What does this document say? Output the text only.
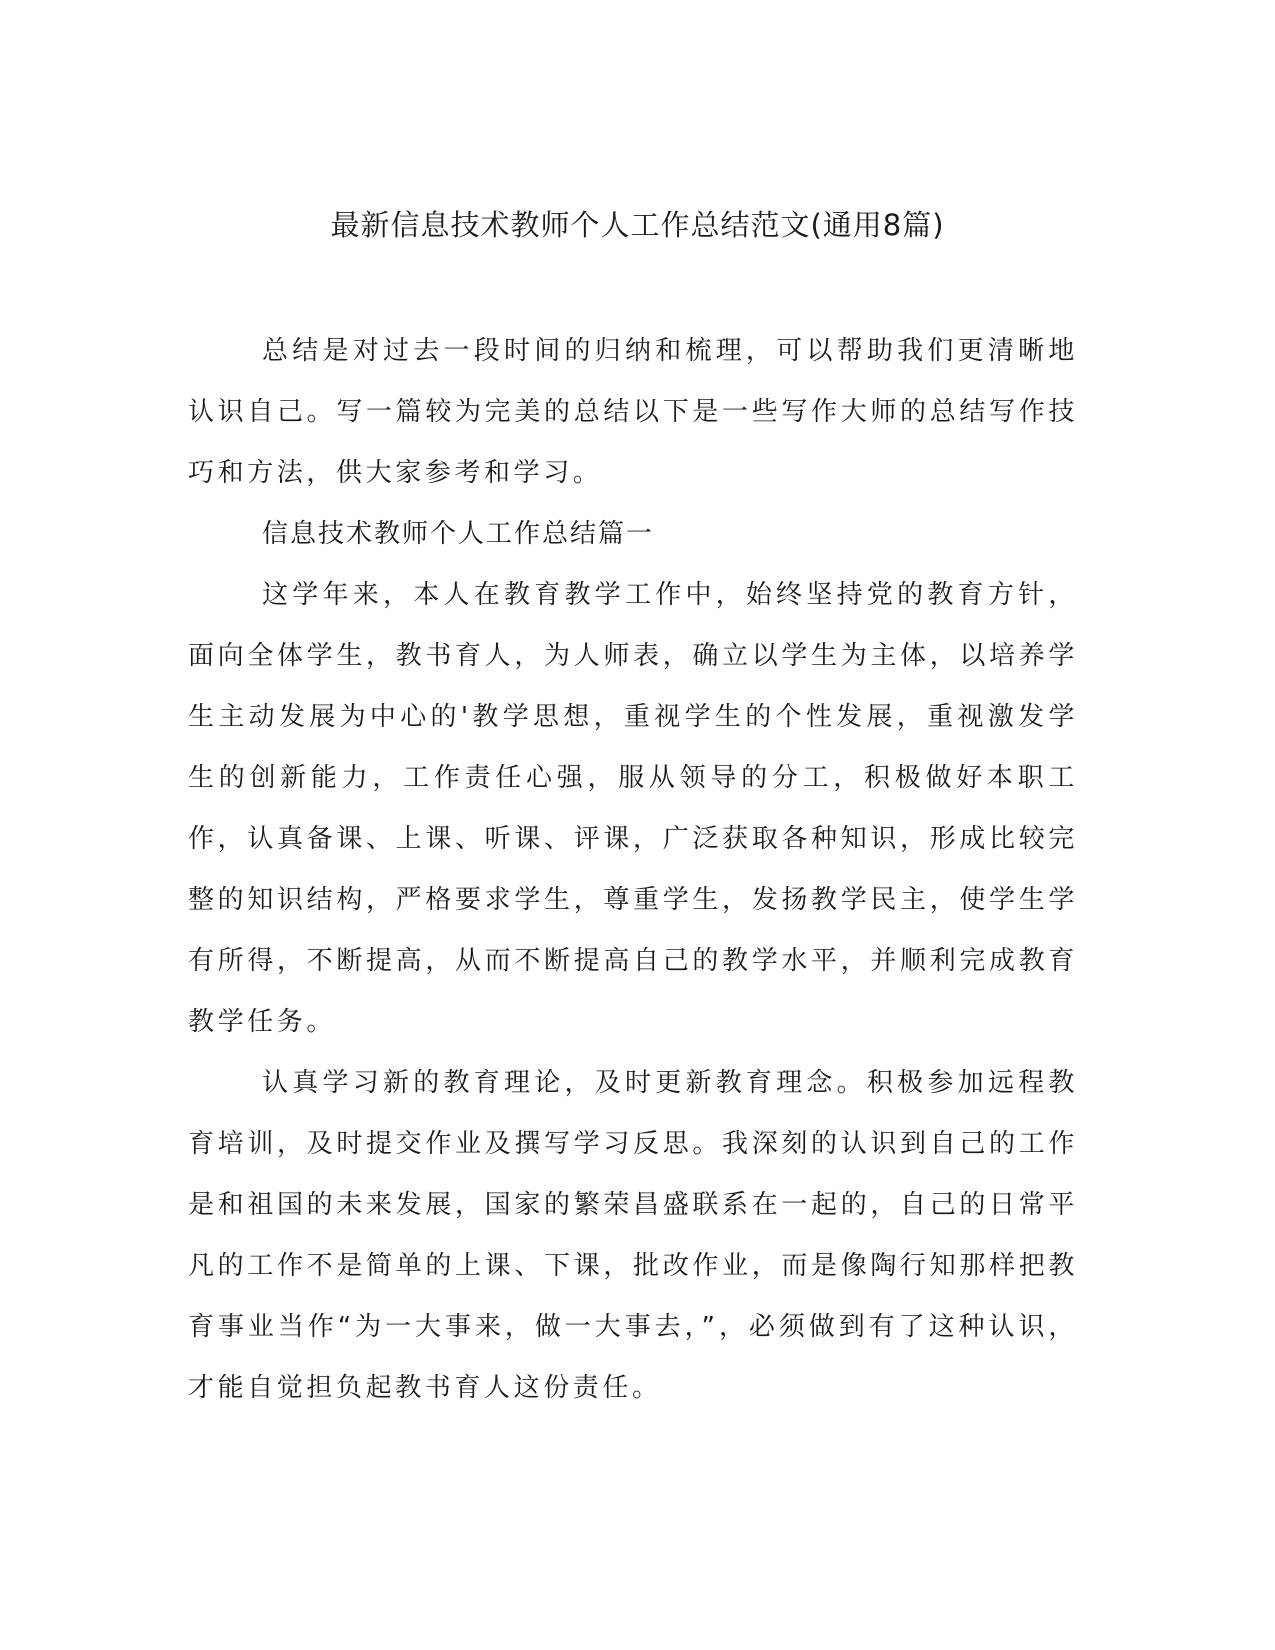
最新信息技术教师个人工作总结范文(通用8篇)

总结是对过去一段时间的归纳和梳理，可以帮助我们更清晰地认识自己。写一篇较为完美的总结以下是一些写作大师的总结写作技巧和方法，供大家参考和学习。

信息技术教师个人工作总结篇一

这学年来，本人在教育教学工作中，始终坚持党的教育方针，面向全体学生，教书育人，为人师表，确立以学生为主体，以培养学生主动发展为中心的'教学思想，重视学生的个性发展，重视激发学生的创新能力，工作责任心强，服从领导的分工，积极做好本职工作，认真备课、上课、听课、评课，广泛获取各种知识，形成比较完整的知识结构，严格要求学生，尊重学生，发扬教学民主，使学生学有所得，不断提高，从而不断提高自己的教学水平，并顺利完成教育教学任务。

认真学习新的教育理论，及时更新教育理念。积极参加远程教育培训，及时提交作业及撰写学习反思。我深刻的认识到自己的工作是和祖国的未来发展，国家的繁荣昌盛联系在一起的，自己的日常平凡的工作不是简单的上课、下课，批改作业，而是像陶行知那样把教育事业当作“为一大事来，做一大事去，”，必须做到有了这种认识，才能自觉担负起教书育人这份责任。
